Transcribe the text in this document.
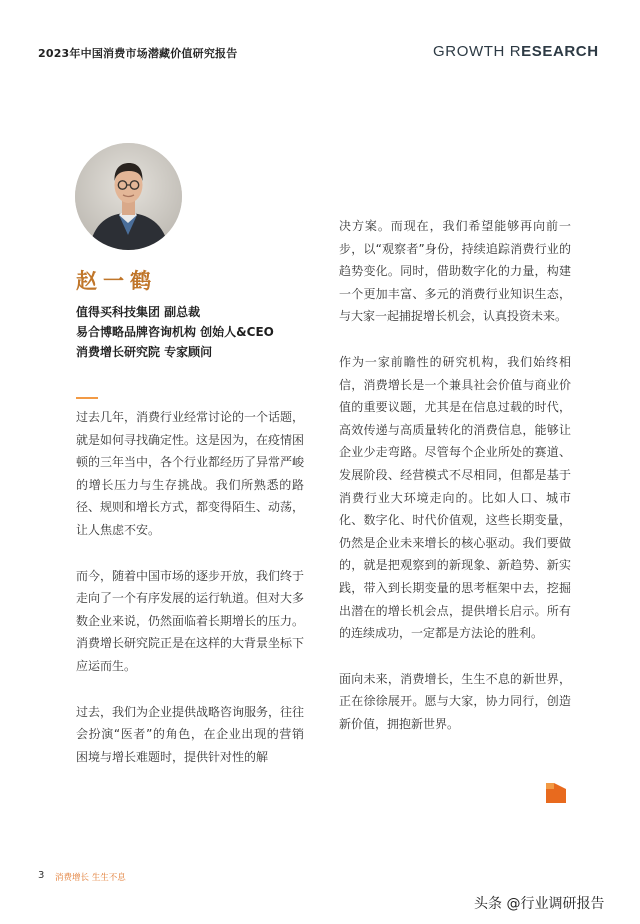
2023年中国消费市场潜藏价值研究报告	GROWTH RESEARCH
赵一鹤
值得买科技集团 副总裁
易合博略品牌咨询机构 创始人&CEO
消费增长研究院 专家顾问

过去几年，消费行业经常讨论的一个话题，就是如何寻找确定性。这是因为，在疫情困顿的三年当中，各个行业都经历了异常严峻的增长压力与生存挑战。我们所熟悉的路径、规则和增长方式，都变得陌生、动荡，让人焦虑不安。

而今，随着中国市场的逐步开放，我们终于走向了一个有序发展的运行轨道。但对大多数企业来说，仍然面临着长期增长的压力。消费增长研究院正是在这样的大背景坐标下应运而生。

过去，我们为企业提供战略咨询服务，往往会扮演“医者”的角色，在企业出现的营销困境与增长难题时，提供针对性的解

决方案。而现在，我们希望能够再向前一步，以“观察者”身份，持续追踪消费行业的趋势变化。同时，借助数字化的力量，构建一个更加丰富、多元的消费行业知识生态，与大家一起捕捉增长机会，认真投资未来。

作为一家前瞻性的研究机构，我们始终相信，消费增长是一个兼具社会价值与商业价值的重要议题，尤其是在信息过载的时代，高效传递与高质量转化的消费信息，能够让企业少走弯路。尽管每个企业所处的赛道、发展阶段、经营模式不尽相同，但都是基于消费行业大环境走向的。比如人口、城市化、数字化、时代价值观，这些长期变量，仍然是企业未来增长的核心驱动。我们要做的，就是把观察到的新现象、新趋势、新实践，带入到长期变量的思考框架中去，挖掘出潜在的增长机会点，提供增长启示。所有的连续成功，一定都是方法论的胜利。

面向未来，消费增长，生生不息的新世界，正在徐徐展开。愿与大家，协力同行，创造新价值，拥抱新世界。

3 消费增长 生生不息
头条 @行业调研报告
